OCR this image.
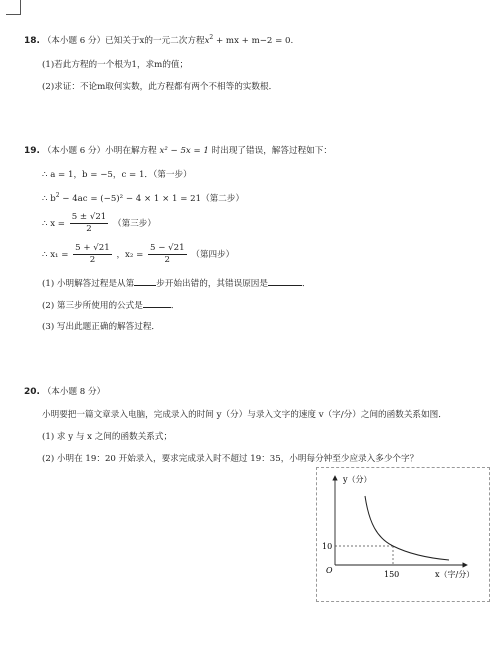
18. （本小题 6 分）已知关于x的一元二次方程$x^2$ + mx + m−2 = 0.
(1)若此方程的一个根为1，求m的值；
(2)求证：不论m取何实数，此方程都有两个不相等的实数根．
19. （本小题 6 分）小明在解方程 x² − 5x = 1 时出现了错误，解答过程如下：
∴ a = 1，b = −5，c = 1．（第一步）
∴ $b^2 - 4ac = (-5)^2 - 4 \times 1 \times 1 = 21$（第二步）
∴ $x = \frac{5 \pm √21}{2}$ （第三步）
∴ $x_1 = \frac{5 + √21}{2}$ ，$x_2 = \frac{5 - √21}{2}$ （第四步）
(1) 小明解答过程是从第	步开始出错的，其错误原因是	．
(2) 第三步所使用的公式是	．
(3) 写出此题正确的解答过程．
20. （本小题 8 分）
小明要把一篇文章录入电脑，完成录入的时间 y（分）与录入文字的速度 v（字/分）之间的函数关系如图．
(1) 求 y 与 x 之间的函数关系式；
(2) 小明在 19：20 开始录入，要求完成录入时不超过 19：35，小明每分钟至少应录入多少个字？
y（分）
x（字/分）
O
10
150
